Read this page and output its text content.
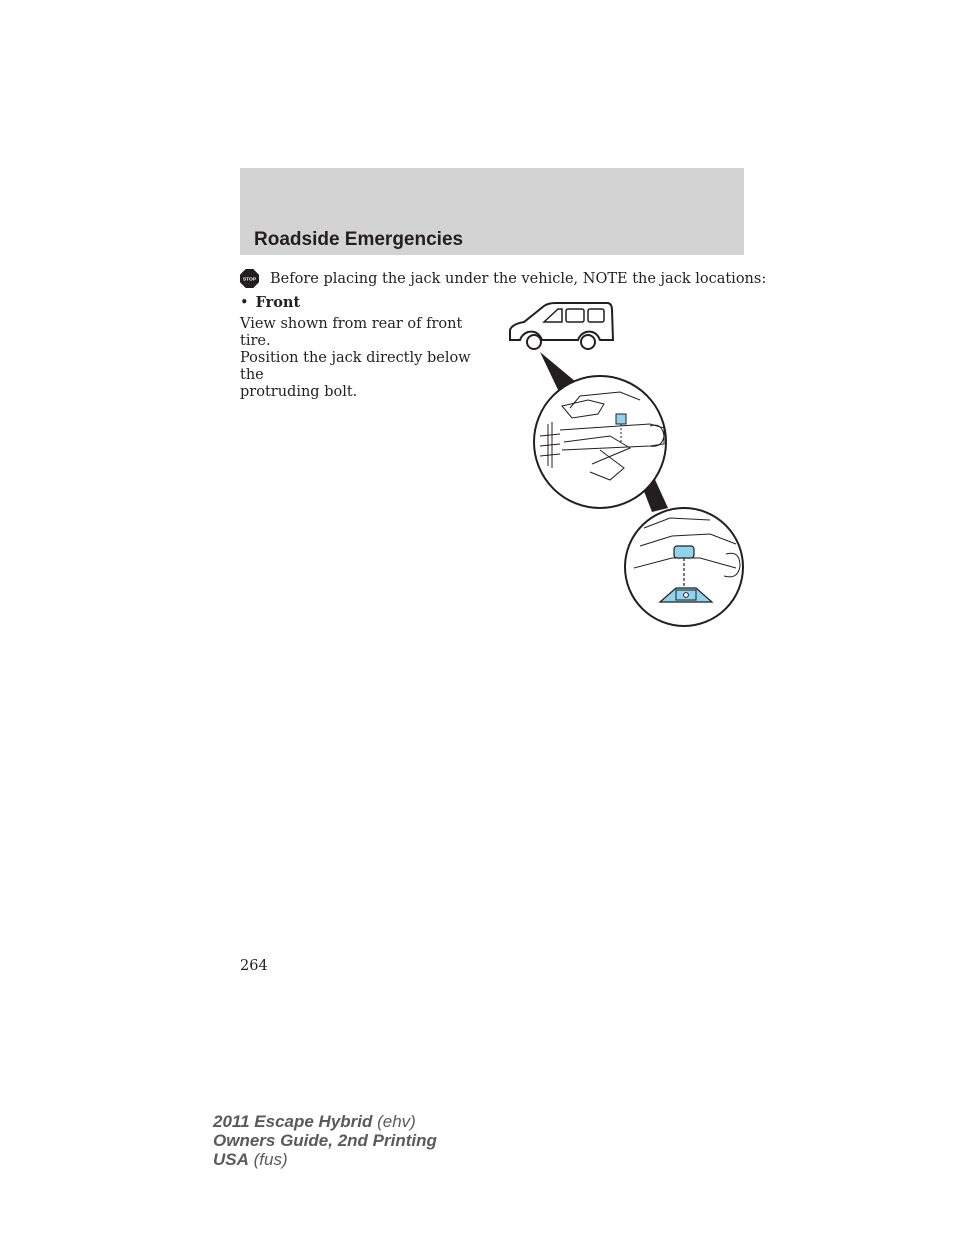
Roadside Emergencies
STOP Before placing the jack under the vehicle, NOTE the jack locations:
• Front

View shown from rear of front tire.
Position the jack directly below the
protruding bolt.

264
2011 Escape Hybrid (ehv)
Owners Guide, 2nd Printing
USA (fus)
